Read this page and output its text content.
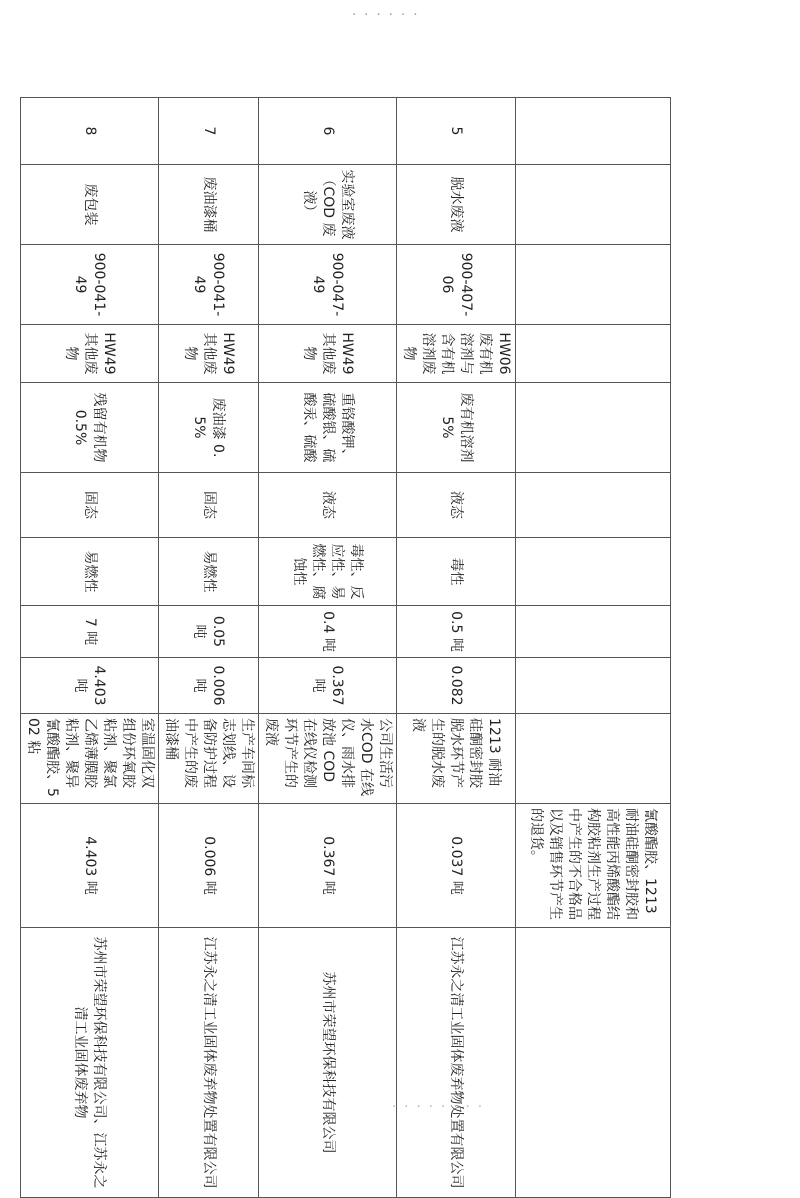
· · · · · ·
										氰酸酯胶、1213耐油硅酮密封胶和高性能丙烯酸酯结构胶粘剂生产过程中产生的不合格品以及销售环节产生的退货。	
5	脱水废液	900-407-06	HW06 废有机溶剂与含有机溶剂废物	废有机溶剂5%	液态	毒性	0.5 吨	0.082	1213 耐油硅酮密封胶脱水环节产生的脱水废液	0.037 吨	江苏永之清工业固体废弃物处置有限公司
6	实验室废液（COD 废液）	900-047-49	HW49 其他废物	重铬酸钾、硫酸银、硫酸汞、硫酸	液态	毒性、反应性、易燃性、腐蚀性	0.4 吨	0.367 吨	公司生活污水COD 在线仪、雨水排放池 COD 在线仪检测环节产生的废液	0.367 吨	苏州市荣望环保科技有限公司
7	废油漆桶	900-041-49	HW49 其他废物	废油漆 0.5%	固态	易燃性	0.05 吨	0.006 吨	生产车间标志划线、设备防护过程中产生的废油漆桶	0.006 吨	江苏永之清工业固体废弃物处置有限公司
8	废包装	900-041-49	HW49 其他废物	残留有机物0.5%	固态	易燃性	7 吨	4.403 吨	室温固化双组份环氧胶粘剂、聚氯乙烯薄膜胶粘剂、聚异氰酸酯胶、502 粘	4.403 吨	苏州市荣望环保科技有限公司、江苏永之清工业固体废弃物	· · · · · · · ·
